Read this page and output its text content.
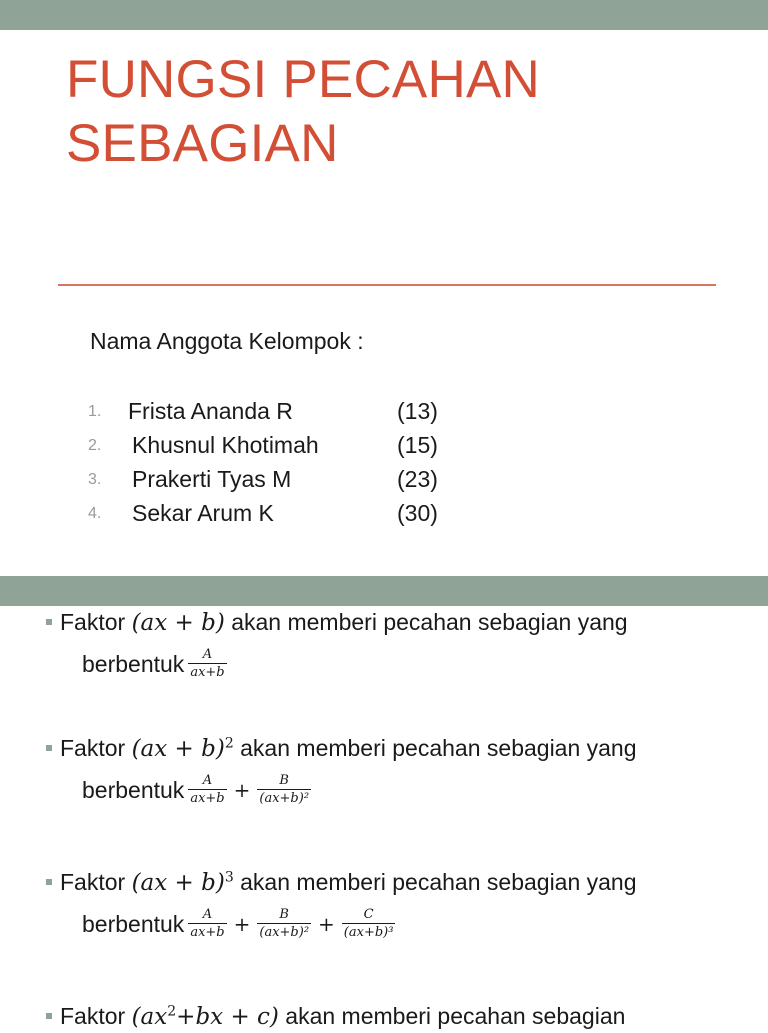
FUNGSI PECAHAN
SEBAGIAN

Nama Anggota Kelompok :

1.	Frista Ananda R	(13)
2.	Khusnul Khotimah	(15)
3.	Prakerti Tyas M	(23)
4.	Sekar Arum K	(30)
Faktor (ax + b) akan memberi pecahan sebagian yang
berbentuk $\frac{A}{ax+b}$
Faktor (ax + b)$^2$ akan memberi pecahan sebagian yang
berbentuk $\frac{A}{ax+b} + \frac{B}{\text{(ax+b)²}}$
Faktor (ax + b)$^3$ akan memberi pecahan sebagian yang
berbentuk $\frac{A}{ax+b} + \frac{B}{\text{(ax+b)²}} + \frac{C}{\text{(ax+b)³}}$
Faktor $(ax^2+bx + c)$ akan memberi pecahan sebagian
